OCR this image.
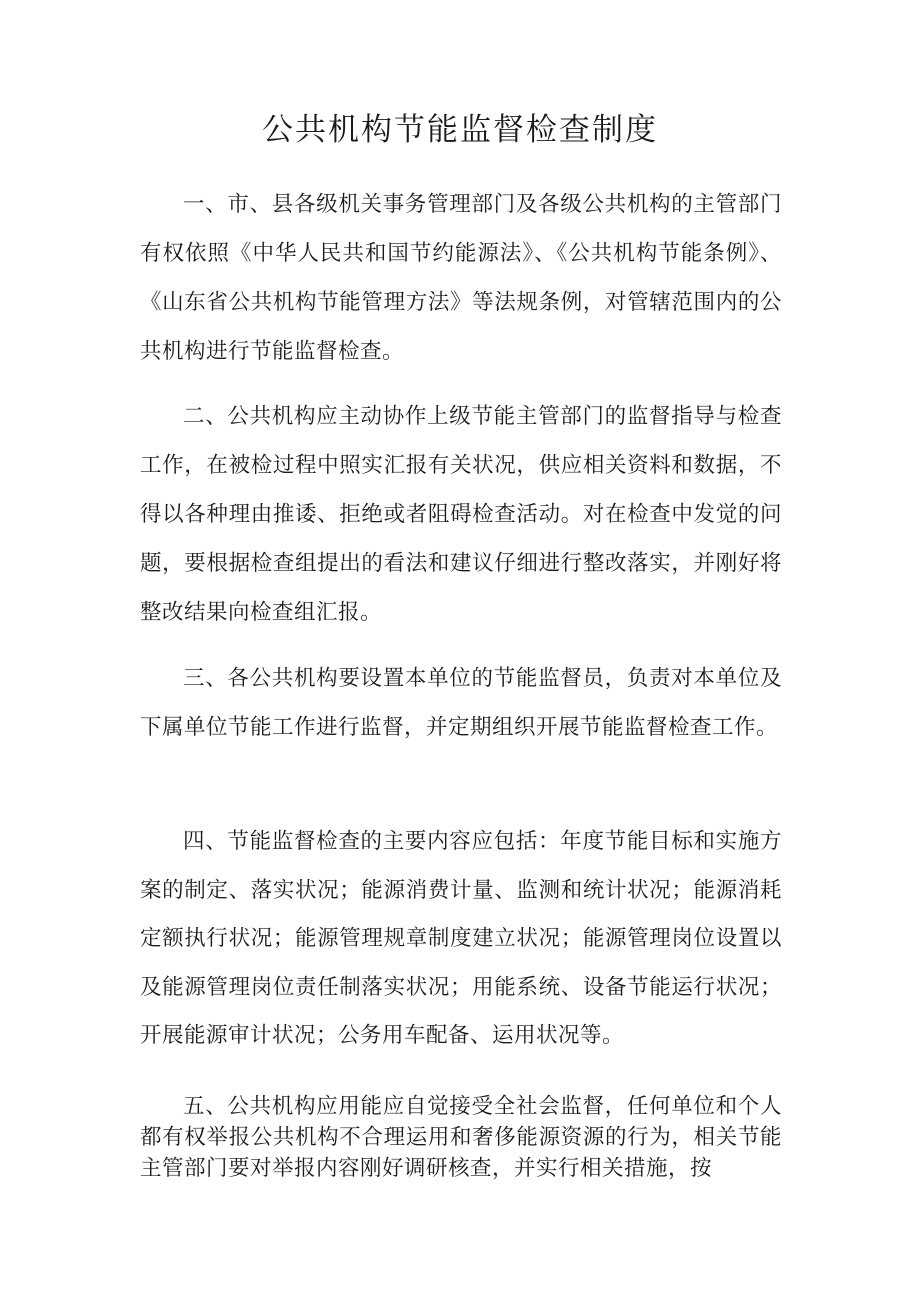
公共机构节能监督检查制度

一、市、县各级机关事务管理部门及各级公共机构的主管部门有权依照《中华人民共和国节约能源法》、《公共机构节能条例》、《山东省公共机构节能管理方法》等法规条例，对管辖范围内的公共机构进行节能监督检查。

二、公共机构应主动协作上级节能主管部门的监督指导与检查工作，在被检过程中照实汇报有关状况，供应相关资料和数据，不得以各种理由推诿、拒绝或者阻碍检查活动。对在检查中发觉的问题，要根据检查组提出的看法和建议仔细进行整改落实，并刚好将整改结果向检查组汇报。

三、各公共机构要设置本单位的节能监督员，负责对本单位及下属单位节能工作进行监督，并定期组织开展节能监督检查工作。

四、节能监督检查的主要内容应包括：年度节能目标和实施方案的制定、落实状况；能源消费计量、监测和统计状况；能源消耗定额执行状况；能源管理规章制度建立状况；能源管理岗位设置以及能源管理岗位责任制落实状况；用能系统、设备节能运行状况；开展能源审计状况；公务用车配备、运用状况等。

五、公共机构应用能应自觉接受全社会监督，任何单位和个人都有权举报公共机构不合理运用和奢侈能源资源的行为，相关节能主管部门要对举报内容刚好调研核查，并实行相关措施，按
